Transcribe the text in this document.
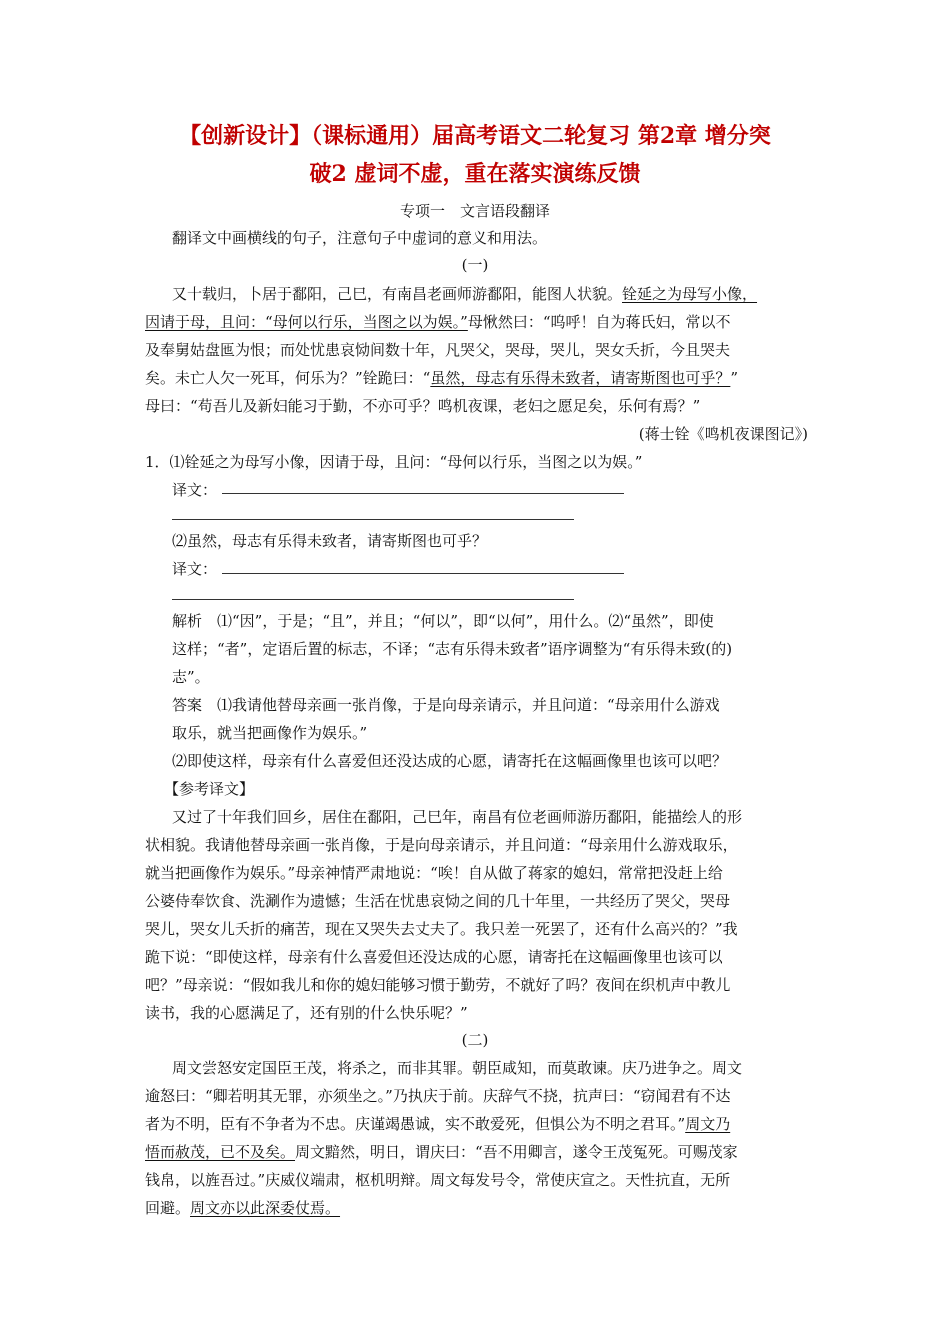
【创新设计】（课标通用）届高考语文二轮复习 第2章 增分突
破2 虚词不虚，重在落实演练反馈
专项一　文言语段翻译
翻译文中画横线的句子，注意句子中虚词的意义和用法。
(一)
又十载归，卜居于鄱阳，己巳，有南昌老画师游鄱阳，能图人状貌。铨延之为母写小像，
因请于母，且问：“母何以行乐，当图之以为娱。”母愀然曰：“呜呼！自为蒋氏妇，常以不
及奉舅姑盘匜为恨；而处忧患哀恸间数十年，凡哭父，哭母，哭儿，哭女夭折，今且哭夫
矣。未亡人欠一死耳，何乐为？”铨跪曰：“虽然，母志有乐得未致者，请寄斯图也可乎？”
母曰：“苟吾儿及新妇能习于勤，不亦可乎？鸣机夜课，老妇之愿足矣，乐何有焉？”
(蒋士铨《鸣机夜课图记》)
1．⑴铨延之为母写小像，因请于母，且问：“母何以行乐，当图之以为娱。”
译文：
⑵虽然，母志有乐得未致者，请寄斯图也可乎？
译文：
解析　⑴“因”，于是；“且”，并且；“何以”，即“以何”，用什么。⑵“虽然”，即使
这样；“者”，定语后置的标志，不译；“志有乐得未致者”语序调整为“有乐得未致(的)
志”。
答案　⑴我请他替母亲画一张肖像，于是向母亲请示，并且问道：“母亲用什么游戏
取乐，就当把画像作为娱乐。”
⑵即使这样，母亲有什么喜爱但还没达成的心愿，请寄托在这幅画像里也该可以吧？
【参考译文】
又过了十年我们回乡，居住在鄱阳，己巳年，南昌有位老画师游历鄱阳，能描绘人的形
状相貌。我请他替母亲画一张肖像，于是向母亲请示，并且问道：“母亲用什么游戏取乐，
就当把画像作为娱乐。”母亲神情严肃地说：“唉！自从做了蒋家的媳妇，常常把没赶上给
公婆侍奉饮食、洗涮作为遗憾；生活在忧患哀恸之间的几十年里，一共经历了哭父，哭母
哭儿，哭女儿夭折的痛苦，现在又哭失去丈夫了。我只差一死罢了，还有什么高兴的？”我
跪下说：“即使这样，母亲有什么喜爱但还没达成的心愿，请寄托在这幅画像里也该可以
吧？”母亲说：“假如我儿和你的媳妇能够习惯于勤劳，不就好了吗？夜间在织机声中教儿
读书，我的心愿满足了，还有别的什么快乐呢？”
(二)
周文尝怒安定国臣王茂，将杀之，而非其罪。朝臣咸知，而莫敢谏。庆乃进争之。周文
逾怒曰：“卿若明其无罪，亦须坐之。”乃执庆于前。庆辞气不挠，抗声曰：“窃闻君有不达
者为不明，臣有不争者为不忠。庆谨竭愚诚，实不敢爱死，但惧公为不明之君耳。”周文乃
悟而赦茂，已不及矣。周文黯然，明日，谓庆曰：“吾不用卿言，遂令王茂冤死。可赐茂家
钱帛，以旌吾过。”庆威仪端肃，枢机明辩。周文每发号令，常使庆宣之。天性抗直，无所
回避。周文亦以此深委仗焉。
